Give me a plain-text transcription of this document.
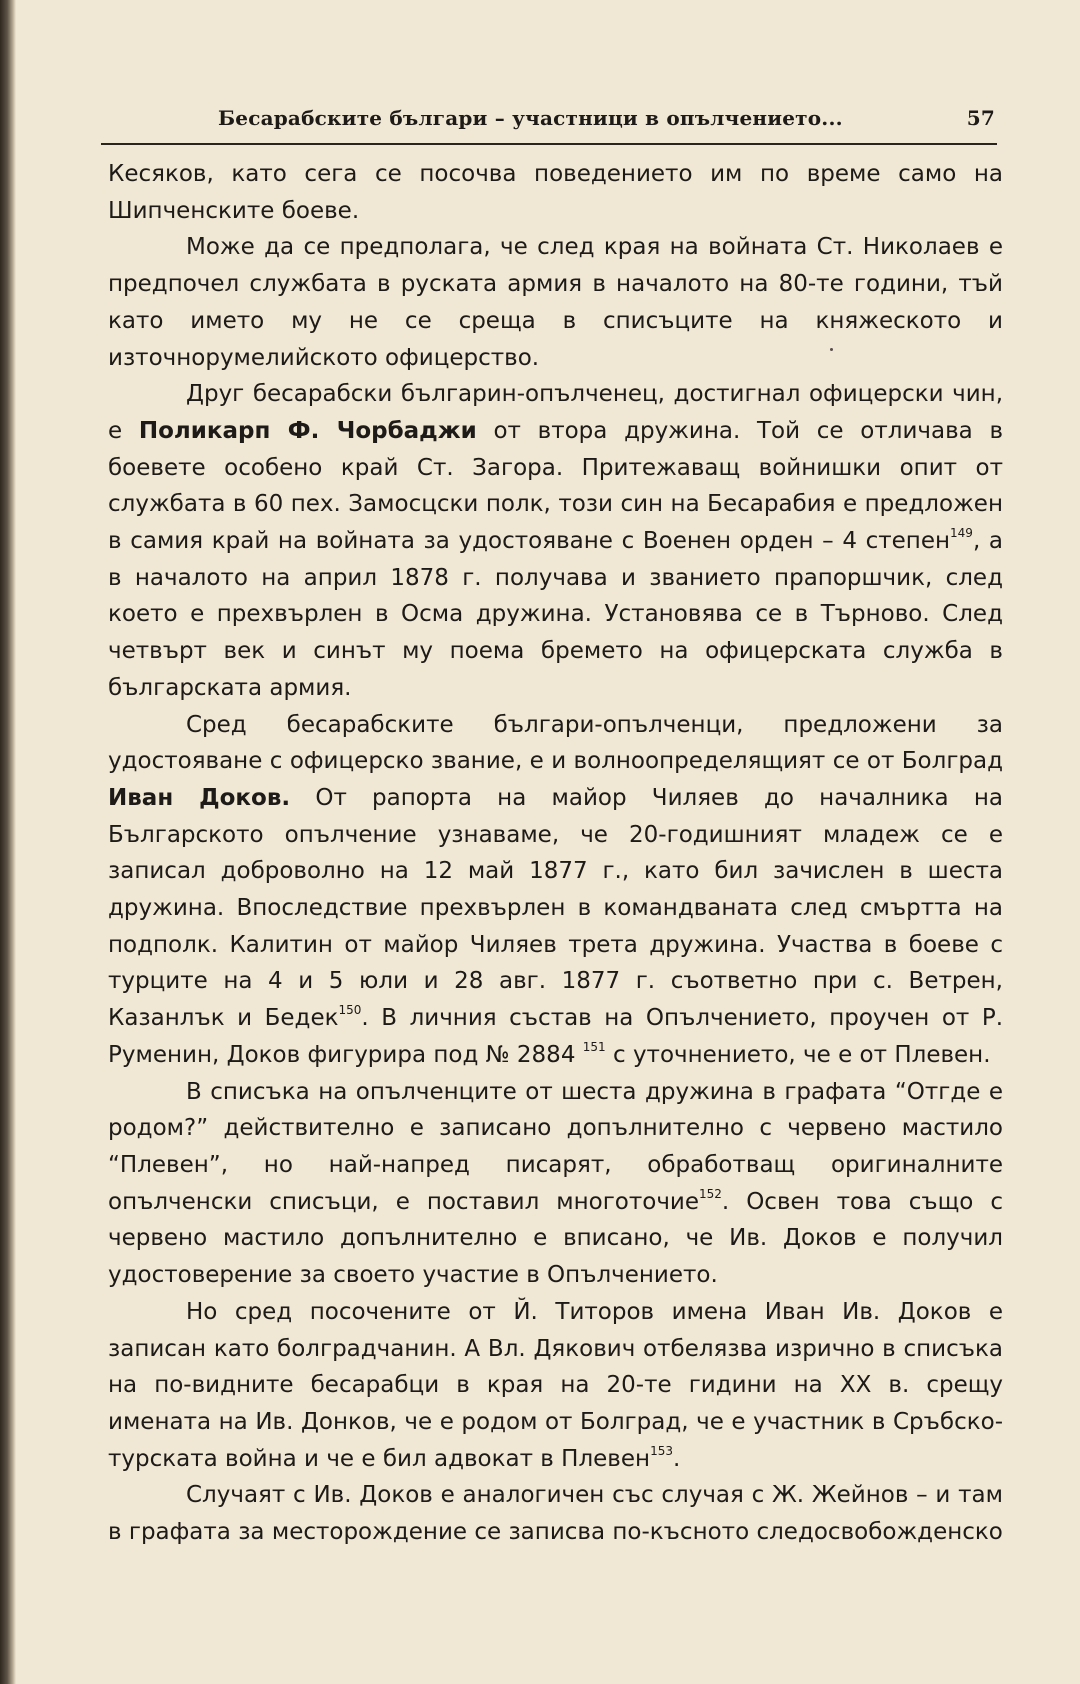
Бесарабските българи – участници в опълчението...	57

Кесяков, като сега се посочва поведението им по време само на Шипченските боеве.

Може да се предполага, че след края на войната Ст. Николаев е предпочел службата в руската армия в началото на 80-те години, тъй като името му не се среща в списъците на княжеското и източнорумелийското офицерство.

Друг бесарабски българин-опълченец, достигнал офицерски чин, е Поликарп Ф. Чорбаджи от втора дружина. Той се отличава в боевете особено край Ст. Загора. Притежаващ войнишки опит от службата в 60 пех. Замосцски полк, този син на Бесарабия е предложен в самия край на войната за удостояване с Военен орден – 4 степен$^{149}$, а в началото на април 1878 г. получава и званието прапоршчик, след което е прехвърлен в Осма дружина. Установява се в Търново. След четвърт век и синът му поема бремето на офицерската служба в българската армия.

Сред бесарабските българи-опълченци, предложени за удостояване с офицерско звание, е и волноопределящият се от Болград Иван Доков. От рапорта на майор Чиляев до началника на Българското опълчение узнаваме, че 20-годишният младеж се е записал доброволно на 12 май 1877 г., като бил зачислен в шеста дружина. Впоследствие прехвърлен в командваната след смъртта на подполк. Калитин от майор Чиляев трета дружина. Участва в боеве с турците на 4 и 5 юли и 28 авг. 1877 г. съответно при с. Ветрен, Казанлък и Бедек$^{150}$. В личния състав на Опълчението, проучен от Р. Руменин, Доков фигурира под № 2884 $^{151}$ с уточнението, че е от Плевен.

В списъка на опълченците от шеста дружина в графата “Отгде е родом?” действително е записано допълнително с червено мастило “Плевен”, но най-напред писарят, обработващ оригиналните опълченски списъци, е поставил многоточие$^{152}$. Освен това също с червено мастило допълнително е вписано, че Ив. Доков е получил удостоверение за своето участие в Опълчението.

Но сред посочените от Й. Титоров имена Иван Ив. Доков е записан като болградчанин. А Вл. Дякович отбелязва изрично в списъка на по-видните бесарабци в края на 20-те гидини на XX в. срещу имената на Ив. Донков, че е родом от Болград, че е участник в Сръбско-турската война и че е бил адвокат в Плевен$^{153}$.

Случаят с Ив. Доков е аналогичен със случая с Ж. Жейнов – и там в графата за месторождение се записва по-късното следосвобожденско
